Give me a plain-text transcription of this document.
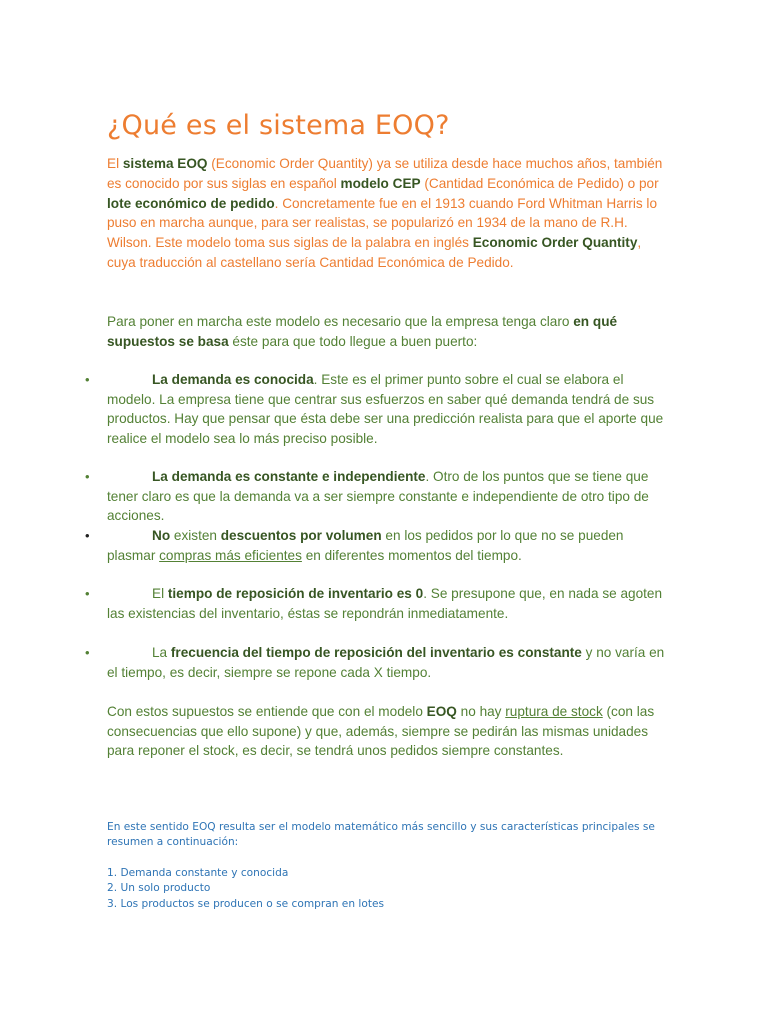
¿Qué es el sistema EOQ?

El sistema EOQ (Economic Order Quantity) ya se utiliza desde hace muchos años, también es conocido por sus siglas en español modelo CEP (Cantidad Económica de Pedido) o por lote económico de pedido. Concretamente fue en el 1913 cuando Ford Whitman Harris lo puso en marcha aunque, para ser realistas, se popularizó en 1934 de la mano de R.H. Wilson. Este modelo toma sus siglas de la palabra en inglés Economic Order Quantity, cuya traducción al castellano sería Cantidad Económica de Pedido.

Para poner en marcha este modelo es necesario que la empresa tenga claro en qué supuestos se basa éste para que todo llegue a buen puerto:

•	La demanda es conocida. Este es el primer punto sobre el cual se elabora el modelo. La empresa tiene que centrar sus esfuerzos en saber qué demanda tendrá de sus productos. Hay que pensar que ésta debe ser una predicción realista para que el aporte que realice el modelo sea lo más preciso posible.
•	La demanda es constante e independiente. Otro de los puntos que se tiene que tener claro es que la demanda va a ser siempre constante e independiente de otro tipo de acciones.
•	No existen descuentos por volumen en los pedidos por lo que no se pueden plasmar compras más eficientes en diferentes momentos del tiempo.
•	El tiempo de reposición de inventario es 0. Se presupone que, en nada se agoten las existencias del inventario, éstas se repondrán inmediatamente.
•	La frecuencia del tiempo de reposición del inventario es constante y no varía en el tiempo, es decir, siempre se repone cada X tiempo.

Con estos supuestos se entiende que con el modelo EOQ no hay ruptura de stock (con las consecuencias que ello supone) y que, además, siempre se pedirán las mismas unidades para reponer el stock, es decir, se tendrá unos pedidos siempre constantes.

En este sentido EOQ resulta ser el modelo matemático más sencillo y sus características principales se resumen a continuación:

1. Demanda constante y conocida
2. Un solo producto
3. Los productos se producen o se compran en lotes
